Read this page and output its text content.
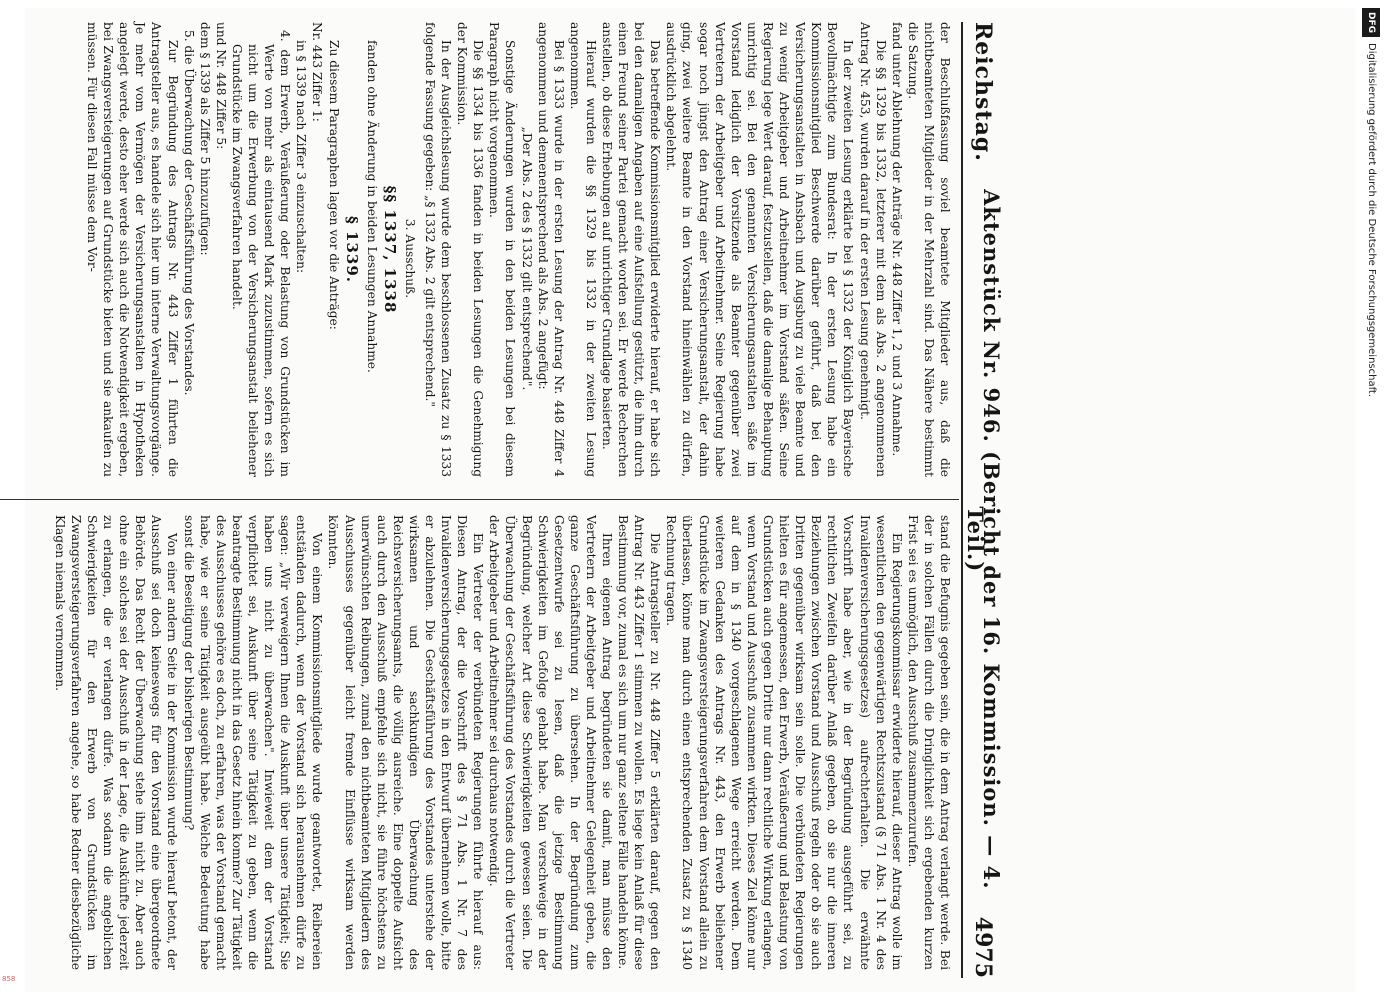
Reichstag.
Aktenstück Nr. 946. (Bericht der 16. Kommission. — 4. Teil.)
4975

der Beschlußfassung soviel beamtete Mitglieder aus, daß die nichtbeamteten Mitglieder in der Mehrzahl sind. Das Nähere bestimmt die Satzung.

fand unter Ablehnung der Anträge Nr. 448 Ziffer 1, 2 und 3 Annahme.

Die §§ 1329 bis 1332, letzterer mit dem als Abs. 2 angenommenen Antrag Nr. 453, wurden darauf in der ersten Lesung genehmigt.

In der zweiten Lesung erklärte bei § 1332 der Königlich Bayerische Bevollmächtigte zum Bundesrat: In der ersten Lesung habe ein Kommissionsmitglied Beschwerde darüber geführt, daß bei den Versicherungsanstalten in Ansbach und Augsburg zu viele Beamte und zu wenig Arbeitgeber und Arbeitnehmer im Vorstand säßen. Seine Regierung lege Wert darauf, festzustellen, daß die damalige Behauptung unrichtig sei. Bei den genannten Versicherungsanstalten säße im Vorstand lediglich der Vorsitzende als Beamter gegenüber zwei Vertretern der Arbeitgeber und Arbeitnehmer. Seine Regierung habe sogar noch jüngst den Antrag einer Versicherungsanstalt, der dahin ging, zwei weitere Beamte in den Vorstand hineinwählen zu dürfen, ausdrücklich abgelehnt.

Das betreffende Kommissionsmitglied erwiderte hierauf, er habe sich bei den damaligen Angaben auf eine Aufstellung gestützt, die ihm durch einen Freund seiner Partei gemacht worden sei. Er werde Recherchen anstellen, ob diese Erhebungen auf unrichtiger Grundlage basierten.

Hierauf wurden die §§ 1329 bis 1332 in der zweiten Lesung angenommen.

Bei § 1333 wurde in der ersten Lesung der Antrag Nr. 448 Ziffer 4 angenommen und demenentsprechend als Abs. 2 angefügt:

„Der Abs. 2 des § 1332 gilt entsprechend".

Sonstige Änderungen wurden in den beiden Lesungen bei diesem Paragraph nicht vorgenommen.

Die §§ 1334 bis 1336 fanden in beiden Lesungen die Genehmigung der Kommission.

In der Ausgleichslesung wurde dem beschlossenen Zusatz zu § 1333 folgende Fassung gegeben: „§ 1332 Abs. 2 gilt entsprechend."

3. Ausschuß.

§§ 1337, 1338

fanden ohne Änderung in beiden Lesungen Annahme.

§ 1339.

Zu diesem Paragraphen lagen vor die Anträge:

Nr. 443 Ziffer 1:

in § 1339 nach Ziffer 3 einzuschalten:

4. dem Erwerb, Veräußerung oder Belastung von Grundstücken im Werte von mehr als eintausend Mark zuzustimmen, sofern es sich nicht um die Erwerbung von der Versicherungsanstalt beliehener Grundstücke im Zwangsverfahren handelt.

und Nr. 448 Ziffer 5:

dem § 1339 als Ziffer 5 hinzuzufügen:

5. die Überwachung der Geschäftsführung des Vorstandes.

Zur Begründung des Antrags Nr. 443 Ziffer 1 führten die Antragsteller aus, es handele sich hier um interne Verwaltungsvorgänge. Je mehr vom Vermögen der Versicherungsanstalten in Hypotheken angelegt werde, desto eher werde sich auch die Notwendigkeit ergeben, bei Zwangsversteigerungen auf Grundstücke bieten und sie ankaufen zu müssen. Für diesen Fall müsse dem Vor-

stand die Befugnis gegeben sein, die in dem Antrag verlangt werde. Bei der in solchen Fällen durch die Dringlichkeit sich ergebenden kurzen Frist sei es unmöglich, den Ausschuß zusammenzurufen.

Ein Regierungskommissar erwiderte hierauf, dieser Antrag wolle im wesentlichen den gegenwärtigen Rechtszustand (§ 71 Abs. 1 Nr. 4 des Invalidenversicherungsgesetzes) aufrechterhalten. Die erwähnte Vorschrift habe aber, wie in der Begründung ausgeführt sei, zu rechtlichen Zweifeln darüber Anlaß gegeben, ob sie nur die inneren Beziehungen zwischen Vorstand und Ausschuß regeln oder ob sie auch Dritten gegenüber wirksam sein solle. Die verbündeten Regierungen hielten es für angemessen, den Erwerb, Veräußerung und Belastung von Grundstücken auch gegen Dritte nur dann rechtliche Wirkung erlangen, wenn Vorstand und Ausschuß zusammen wirkten. Dieses Ziel könne nur auf dem in § 1340 vorgeschlagenen Wege erreicht werden. Dem weiteren Gedanken des Antrags Nr. 443, den Erwerb beliehener Grundstücke im Zwangsversteigerungsverfahren dem Vorstand allein zu überlassen, könne man durch einen entsprechenden Zusatz zu § 1340 Rechnung tragen.

Die Antragsteller zu Nr. 448 Ziffer 5 erklärten darauf, gegen den Antrag Nr. 443 Ziffer 1 stimmen zu wollen. Es liege kein Anlaß für diese Bestimmung vor, zumal es sich um nur ganz seltene Fälle handeln könne.

Ihren eigenen Antrag begründeten sie damit, man müsse den Vertretern der Arbeitgeber und Arbeitnehmer Gelegenheit geben, die ganze Geschäftsführung zu übersehen. In der Begründung zum Gesetzentwurfe sei zu lesen, daß die jetzige Bestimmung Schwierigkeiten im Gefolge gehabt habe. Man verschweige in der Begründung, welcher Art diese Schwierigkeiten gewesen seien. Die Überwachung der Geschäftsführung des Vorstandes durch die Vertreter der Arbeitgeber und Arbeitnehmer sei durchaus notwendig.

Ein Vertreter der verbündeten Regierungen führte hierauf aus: Diesen Antrag, der die Vorschrift des § 71 Abs. 1 Nr. 7 des Invalidenversicherungsgesetzes in den Entwurf übernehmen wolle, bitte er abzulehnen. Die Geschäftsführung des Vorstandes unterstehe der wirksamen und sachkundigen Überwachung des Reichsversicherungsamts, die völlig ausreiche. Eine doppelte Aufsicht auch durch den Ausschuß empfehle sich nicht, sie führe höchstens zu unerwünschten Reibungen, zumal den nichtbeamteten Mitgliedern des Ausschusses gegenüber leicht fremde Einflüsse wirksam werden könnten.

Von einem Kommissionsmitgliede wurde geantwortet, Reibereien entständen dadurch, wenn der Vorstand sich herausnehmen dürfe zu sagen: „Wir verweigern Ihnen die Auskunft über unsere Tätigkeit; Sie haben uns nicht zu überwachen". Inwieweit dem der Vorstand verpflichtet sei, Auskunft über seine Tätigkeit zu geben, wenn die beantragte Bestimmung nicht in das Gesetz hinein komme? Zur Tätigkeit des Ausschusses gehöre es doch, zu erfahren, was der Vorstand gemacht habe, wie er seine Tätigkeit ausgeübt habe. Welche Bedeutung habe sonst die Beseitigung der bisherigen Bestimmung?

Von einer andern Seite in der Kommission wurde hierauf betont, der Ausschuß sei doch keineswegs für den Vorstand eine übergeordnete Behörde. Das Recht der Überwachung stehe ihm nicht zu. Aber auch ohne ein solches sei der Ausschuß in der Lage, die Auskünfte jederzeit zu erlangen, die er verlangen dürfe. Was sodann die angeblichen Schwierigkeiten für den Erwerb von Grundstücken im Zwangsversteigerungsverfahren angehe, so habe Redner diesbezügliche Klagen niemals vernommen.

DFGDigitalisierung gefördert durch die Deutsche Forschungsgemeinschaft.
858
